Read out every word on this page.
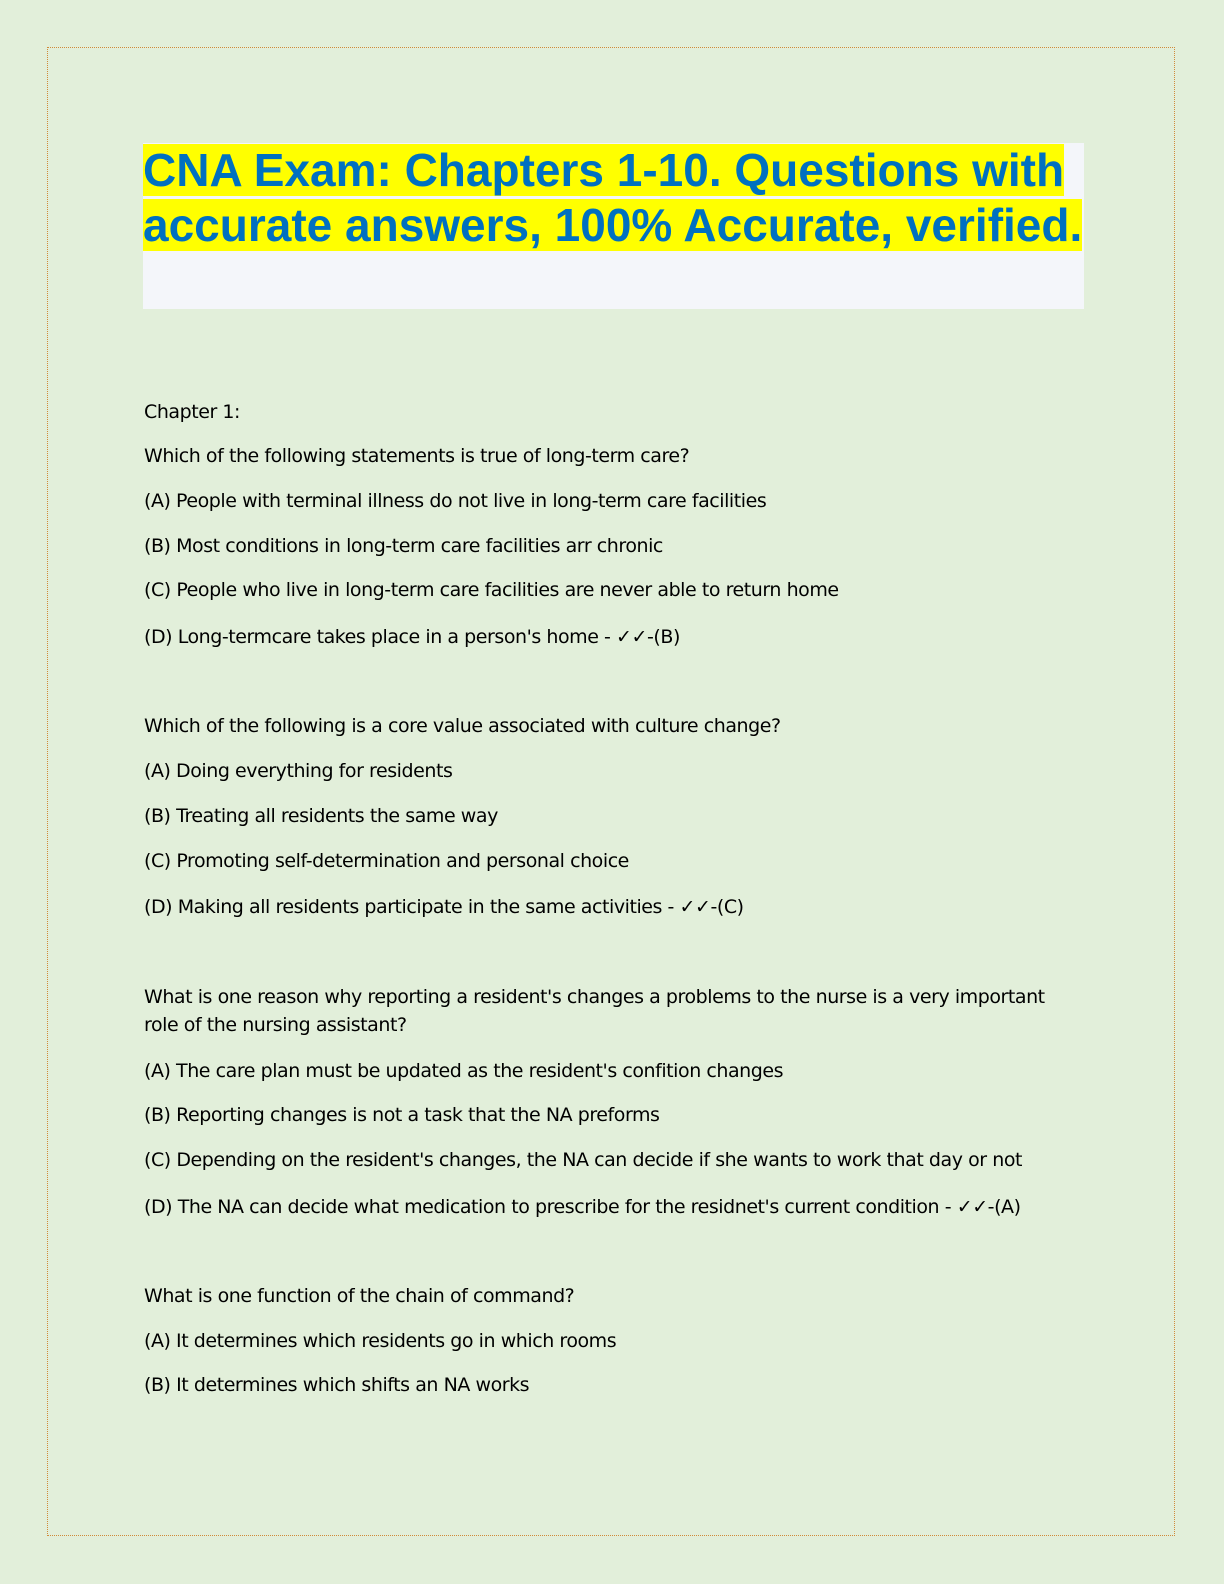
CNA Exam: Chapters 1-10. Questions with accurate answers, 100% Accurate, verified.

Chapter 1:

Which of the following statements is true of long-term care?

(A) People with terminal illness do not live in long-term care facilities

(B) Most conditions in long-term care facilities arr chronic

(C) People who live in long-term care facilities are never able to return home

(D) Long-termcare takes place in a person's home - ✓✓-(B)

Which of the following is a core value associated with culture change?

(A) Doing everything for residents

(B) Treating all residents the same way

(C) Promoting self-determination and personal choice

(D) Making all residents participate in the same activities - ✓✓-(C)

What is one reason why reporting a resident's changes a problems to the nurse is a very important role of the nursing assistant?

(A) The care plan must be updated as the resident's confition changes

(B) Reporting changes is not a task that the NA preforms

(C) Depending on the resident's changes, the NA can decide if she wants to work that day or not

(D) The NA can decide what medication to prescribe for the residnet's current condition - ✓✓-(A)

What is one function of the chain of command?

(A) It determines which residents go in which rooms

(B) It determines which shifts an NA works
